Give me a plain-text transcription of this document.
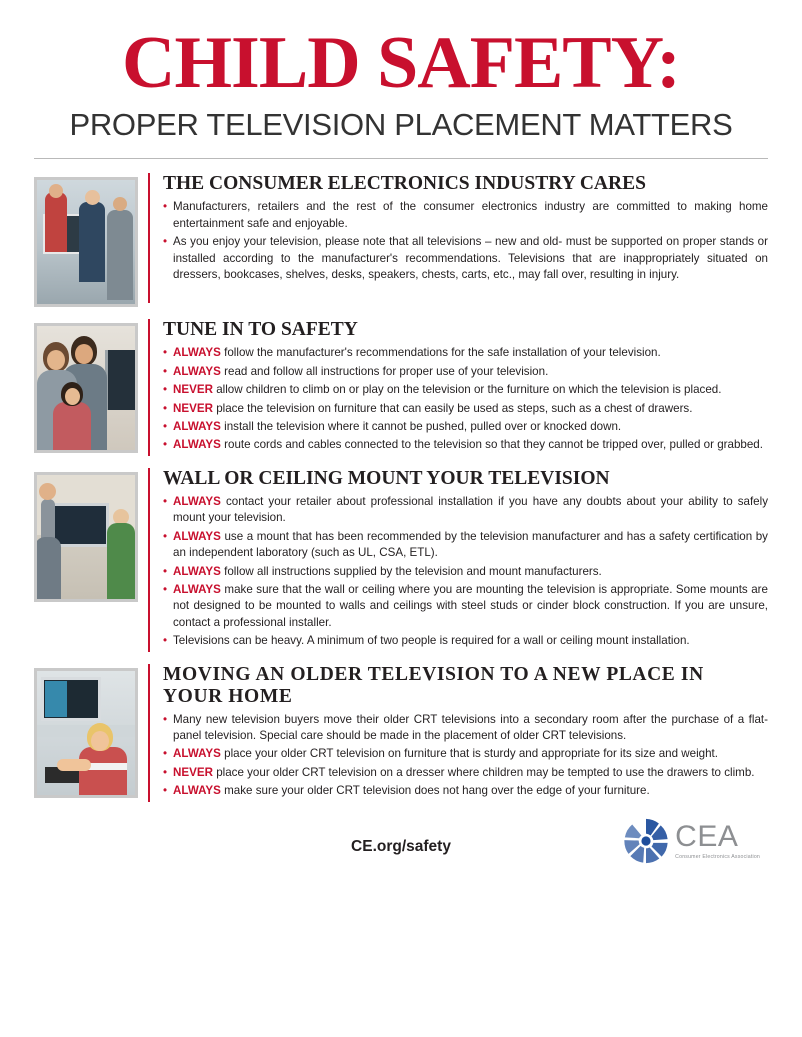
CHILD SAFETY:
PROPER TELEVISION PLACEMENT MATTERS
THE CONSUMER ELECTRONICS INDUSTRY CARES
• Manufacturers, retailers and the rest of the consumer electronics industry are committed to making home entertainment safe and enjoyable.
• As you enjoy your television, please note that all televisions – new and old- must be supported on proper stands or installed according to the manufacturer's recommendations. Televisions that are inappropriately situated on dressers, bookcases, shelves, desks, speakers, chests, carts, etc., may fall over, resulting in injury.
TUNE IN TO SAFETY
• ALWAYS follow the manufacturer's recommendations for the safe installation of your television.
• ALWAYS read and follow all instructions for proper use of your television.
• NEVER allow children to climb on or play on the television or the furniture on which the television is placed.
• NEVER place the television on furniture that can easily be used as steps, such as a chest of drawers.
• ALWAYS install the television where it cannot be pushed, pulled over or knocked down.
• ALWAYS route cords and cables connected to the television so that they cannot be tripped over, pulled or grabbed.
WALL OR CEILING MOUNT YOUR TELEVISION
• ALWAYS contact your retailer about professional installation if you have any doubts about your ability to safely mount your television.
• ALWAYS use a mount that has been recommended by the television manufacturer and has a safety certification by an independent laboratory (such as UL, CSA, ETL).
• ALWAYS follow all instructions supplied by the television and mount manufacturers.
• ALWAYS make sure that the wall or ceiling where you are mounting the television is appropriate. Some mounts are not designed to be mounted to walls and ceilings with steel studs or cinder block construction. If you are unsure, contact a professional installer.
• Televisions can be heavy. A minimum of two people is required for a wall or ceiling mount installation.
MOVING AN OLDER TELEVISION TO A NEW PLACE IN YOUR HOME
• Many new television buyers move their older CRT televisions into a secondary room after the purchase of a flat-panel television. Special care should be made in the placement of older CRT televisions.
• ALWAYS place your older CRT television on furniture that is sturdy and appropriate for its size and weight.
• NEVER place your older CRT television on a dresser where children may be tempted to use the drawers to climb.
• ALWAYS make sure your older CRT television does not hang over the edge of your furniture.
CE.org/safety	CEA
Consumer Electronics Association
